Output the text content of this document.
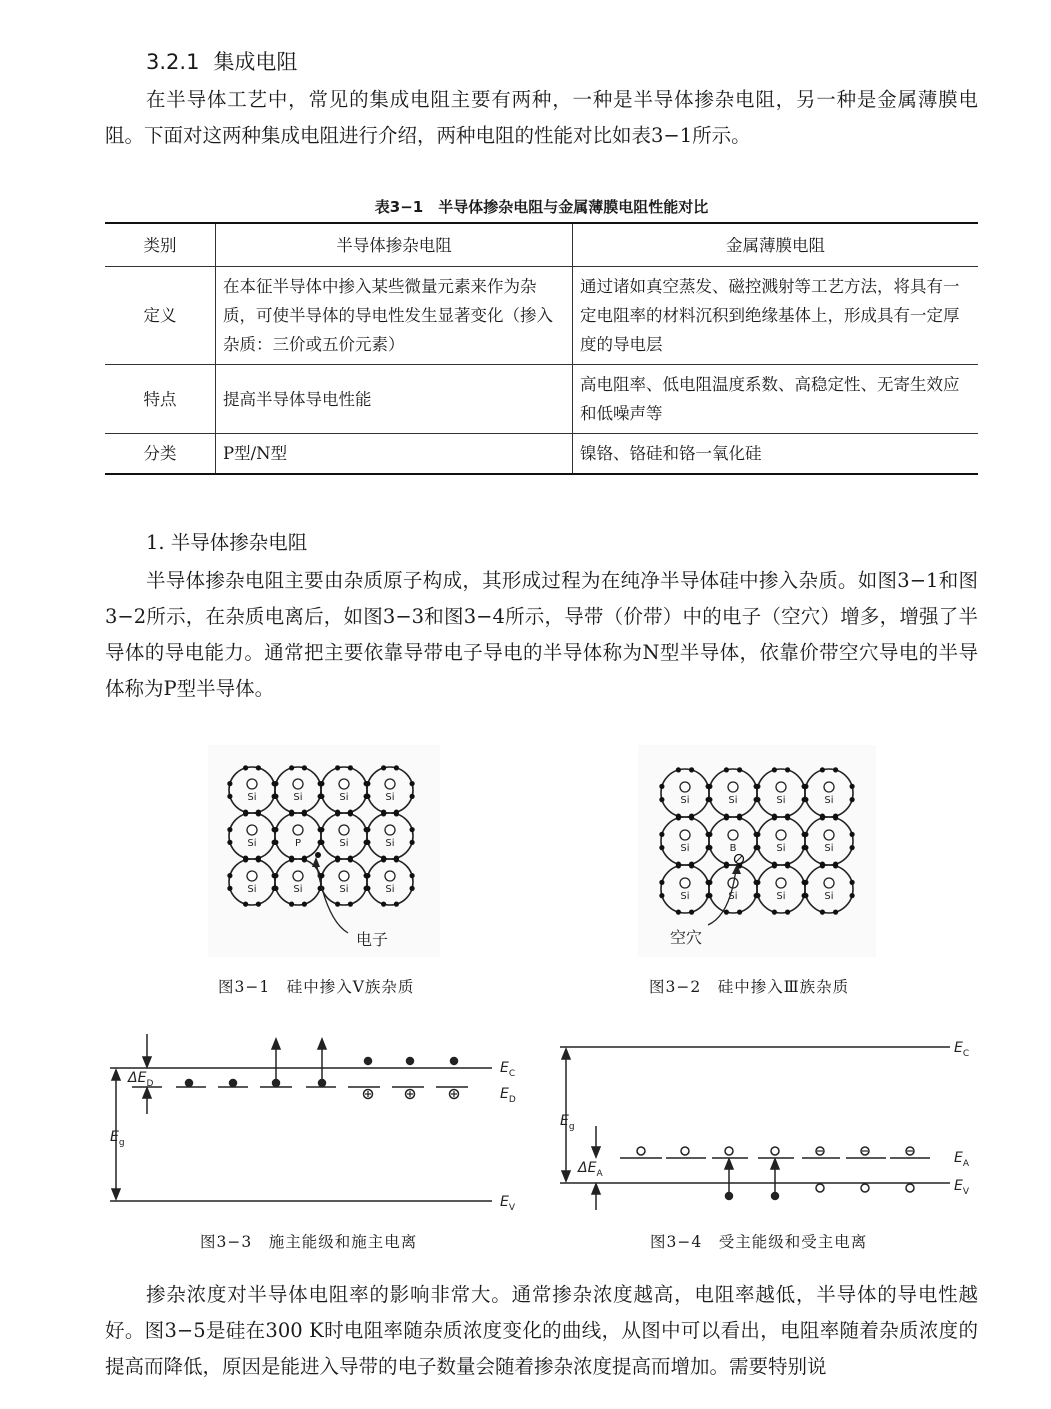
3.2.1 集成电阻
在半导体工艺中，常见的集成电阻主要有两种，一种是半导体掺杂电阻，另一种是金属薄膜电阻。下面对这两种集成电阻进行介绍，两种电阻的性能对比如表3−1所示。
表3−1　半导体掺杂电阻与金属薄膜电阻性能对比
类别	半导体掺杂电阻	金属薄膜电阻
定义	在本征半导体中掺入某些微量元素来作为杂质，可使半导体的导电性发生显著变化（掺入杂质：三价或五价元素）	通过诸如真空蒸发、磁控溅射等工艺方法，将具有一定电阻率的材料沉积到绝缘基体上，形成具有一定厚度的导电层
特点	提高半导体导电性能	高电阻率、低电阻温度系数、高稳定性、无寄生效应和低噪声等
分类	P型/N型	镍铬、铬硅和铬一氧化硅
1. 半导体掺杂电阻
半导体掺杂电阻主要由杂质原子构成，其形成过程为在纯净半导体硅中掺入杂质。如图3−1和图3−2所示，在杂质电离后，如图3−3和图3−4所示，导带（价带）中的电子（空穴）增多，增强了半导体的导电能力。通常把主要依靠导带电子导电的半导体称为N型半导体，依靠价带空穴导电的半导体称为P型半导体。
Si	Si	Si	Si
Si	P	Si	Si
Si	Si	Si	Si
电子
图3−1　硅中掺入Ⅴ族杂质
Si	Si	Si	Si
Si	B	Si	Si
Si	Si	Si	Si
空穴
图3−2　硅中掺入Ⅲ族杂质
$E_C$
$E_D$
$E_V$
$E_g$
$\Delta E_D$
图3−3　施主能级和施主电离
$E_C$
$E_A$
$E_V$
$E_g$
$\Delta E_A$
图3−4　受主能级和受主电离
掺杂浓度对半导体电阻率的影响非常大。通常掺杂浓度越高，电阻率越低，半导体的导电性越好。图3−5是硅在300 K时电阻率随杂质浓度变化的曲线，从图中可以看出，电阻率随着杂质浓度的提高而降低，原因是能进入导带的电子数量会随着掺杂浓度提高而增加。需要特别说
